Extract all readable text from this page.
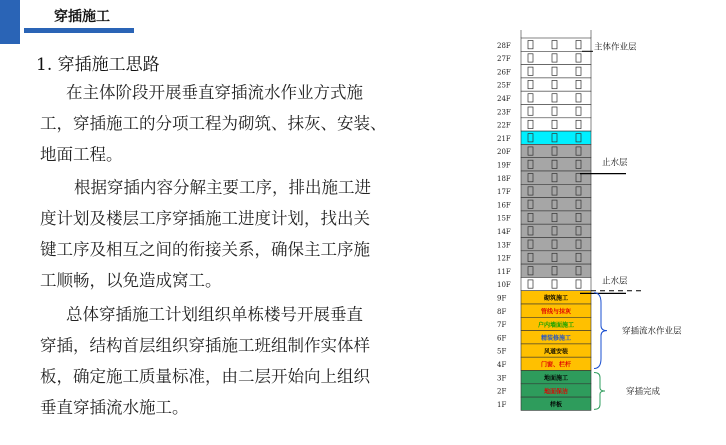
穿插施工
1. 穿插施工思路
在主体阶段开展垂直穿插流水作业方式施
工，穿插施工的分项工程为砌筑、抹灰、安装、
地面工程。
根据穿插内容分解主要工序，排出施工进
度计划及楼层工序穿插施工进度计划，找出关
键工序及相互之间的衔接关系，确保主工序施
工顺畅，以免造成窝工。
总体穿插施工计划组织单栋楼号开展垂直
穿插，结构首层组织穿插施工班组制作实体样
板，确定施工质量标准，由二层开始向上组织
垂直穿插流水施工。
28F
27F
26F
25F
24F
23F
22F
21F
20F
19F
18F
17F
16F
15F
14F
13F
12F
11F
10F
9F	砌筑施工
8F	管线与抹灰
7F	户内墙面施工
6F	精装修施工
5F	风道安装
4F	门窗、栏杆
3F	地面施工
2F	地面保洁
1F	样板
主体作业层
止水层
止水层
穿插流水作业层
穿插完成
